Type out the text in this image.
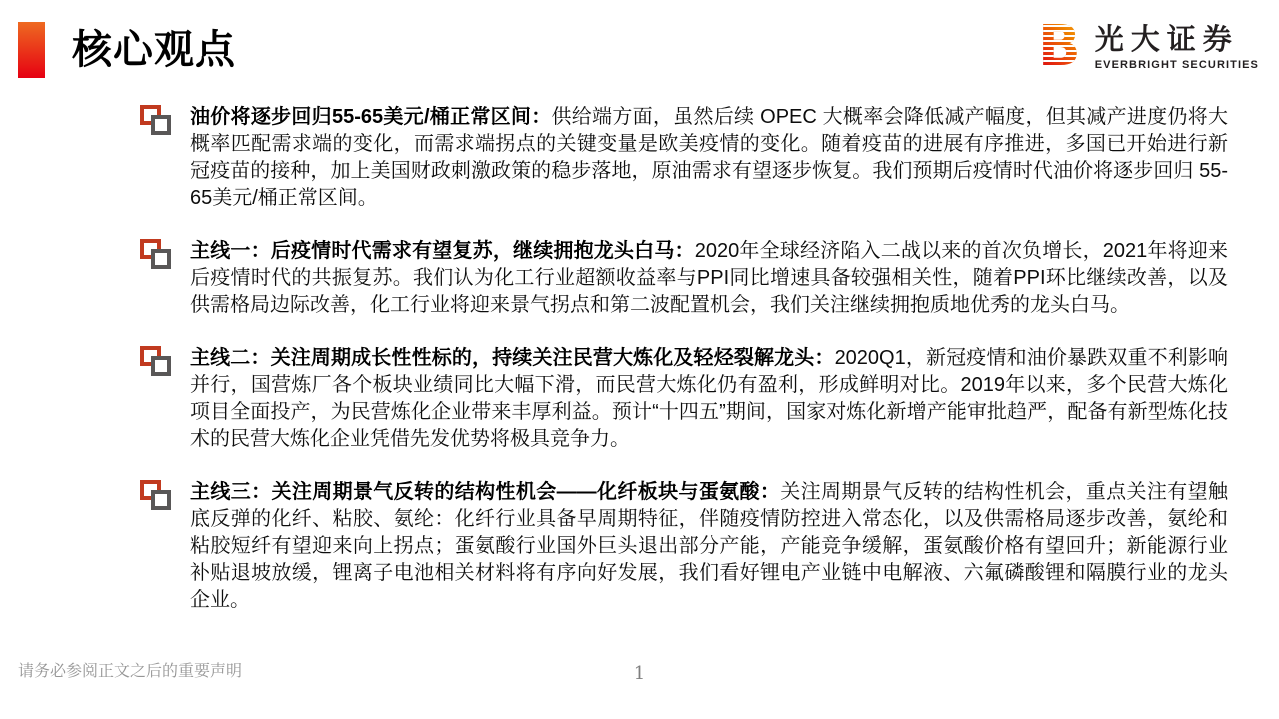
核心观点	B 光大证券
EVERBRIGHT SECURITIES
油价将逐步回归55-65美元/桶正常区间：供给端方面，虽然后续 OPEC 大概率会降低减产幅度，但其减产进度仍将大概率匹配需求端的变化，而需求端拐点的关键变量是欧美疫情的变化。随着疫苗的进展有序推进，多国已开始进行新冠疫苗的接种，加上美国财政刺激政策的稳步落地，原油需求有望逐步恢复。我们预期后疫情时代油价将逐步回归 55-65美元/桶正常区间。
主线一：后疫情时代需求有望复苏，继续拥抱龙头白马：2020年全球经济陷入二战以来的首次负增长，2021年将迎来后疫情时代的共振复苏。我们认为化工行业超额收益率与PPI同比增速具备较强相关性，随着PPI环比继续改善，以及供需格局边际改善，化工行业将迎来景气拐点和第二波配置机会，我们关注继续拥抱质地优秀的龙头白马。
主线二：关注周期成长性性标的，持续关注民营大炼化及轻烃裂解龙头：2020Q1，新冠疫情和油价暴跌双重不利影响并行，国营炼厂各个板块业绩同比大幅下滑，而民营大炼化仍有盈利，形成鲜明对比。2019年以来，多个民营大炼化项目全面投产，为民营炼化企业带来丰厚利益。预计“十四五”期间，国家对炼化新增产能审批趋严，配备有新型炼化技术的民营大炼化企业凭借先发优势将极具竞争力。
主线三：关注周期景气反转的结构性机会——化纤板块与蛋氨酸：关注周期景气反转的结构性机会，重点关注有望触底反弹的化纤、粘胶、氨纶：化纤行业具备早周期特征，伴随疫情防控进入常态化，以及供需格局逐步改善，氨纶和粘胶短纤有望迎来向上拐点；蛋氨酸行业国外巨头退出部分产能，产能竞争缓解，蛋氨酸价格有望回升；新能源行业补贴退坡放缓，锂离子电池相关材料将有序向好发展，我们看好锂电产业链中电解液、六氟磷酸锂和隔膜行业的龙头企业。
请务必参阅正文之后的重要声明	1
